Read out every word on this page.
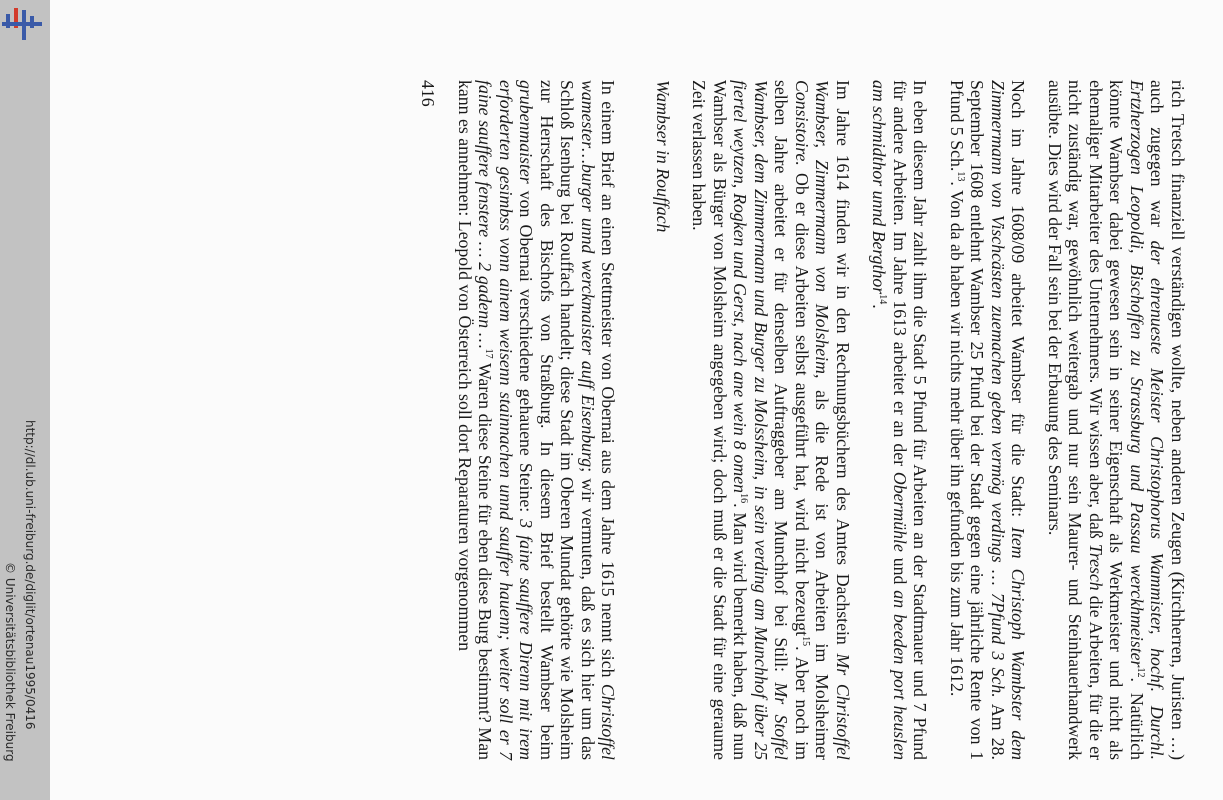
http://dl.ub.uni-freiburg.de/diglit/ortenau1995/0416
© Universitätsbibliothek Freiburg	rich Tretsch finanziell verständigen wollte, neben anderen Zeugen (Kirchherren, Juristen …) auch zugegen war der ehrenueste Meister Christophorus Wammister, hochf. Durchl. Ertzherzogen Leopoldi, Bischoffen zu Strassburg und Passau werckhmeister$^{12}$. Natürlich könnte Wambser dabei gewesen sein in seiner Eigenschaft als Werkmeister und nicht als ehemaliger Mitarbeiter des Unternehmers. Wir wissen aber, daß Tresch die Arbeiten, für die er nicht zuständig war, gewöhnlich weitergab und nur sein Maurer- und Steinhauerhandwerk ausübte. Dies wird der Fall sein bei der Erbauung des Seminars.

Noch im Jahre 1608/09 arbeitet Wambser für die Stadt: Item Christoph Wambster dem Zimmermann von Vischcästen zuemachen geben vermög verdings … 7Pfund 3 Sch. Am 28. September 1608 entlehnt Wambser 25 Pfund bei der Stadt gegen eine jährliche Rente von 1 Pfund 5 Sch.$^{13}$. Von da ab haben wir nichts mehr über ihn gefunden bis zum Jahr 1612.

In eben diesem Jahr zahlt ihm die Stadt 5 Pfund für Arbeiten an der Stadtmauer und 7 Pfund für andere Arbeiten. Im Jahre 1613 arbeitet er an der Obermühle und an beeden port heuslen am schmidthor unnd Bergthor$^{14}$.

Im Jahre 1614 finden wir in den Rechnungsbüchern des Amtes Dachstein Mr Christoffel Wambser, Zimmermann von Molsheim, als die Rede ist von Arbeiten im Molsheimer Consistoire. Ob er diese Arbeiten selbst ausgeführt hat, wird nicht bezeugt$^{15}$. Aber noch im selben Jahre arbeitet er für denselben Auftraggeber am Munchhof bei Still: Mr Stoffel Wambser, dem Zimmermann und Burger zu Molssheim, in sein verding am Munchhof über 25 fiertel weytzen, Rogken und Gerst, nach ane wein 8 omen$^{16}$. Man wird bemerkt haben, daß nun Wambser als Bürger von Molsheim angegeben wird; doch muß er die Stadt für eine geraume Zeit verlassen haben.

Wambser in Rouffach

In einem Brief an einen Stettmeister von Obernai aus dem Jahre 1615 nennt sich Christoffel wamester…burger unnd werckmaister auff Eisenburg; wir vermuten, daß es sich hier um das Schloß Isenburg bei Rouffach handelt; diese Stadt im Oberen Mundat gehörte wie Molsheim zur Herrschaft des Bischofs von Straßburg. In diesem Brief bestellt Wambser beim grubenmaister von Obernai verschiedene gehauene Steine: 3 faine sauffere Direnn mit irem erforderten gesimbss vonn ainem weisenn stainnachen unnd sauffer hauenn; weiter soll er 7 faine sauffere fenstere … 2 gadenn …$^{17}$ Waren diese Steine für eben diese Burg bestimmt? Man kann es annehmen: Leopold von Österreich soll dort Reparaturen vorgenommen

416
